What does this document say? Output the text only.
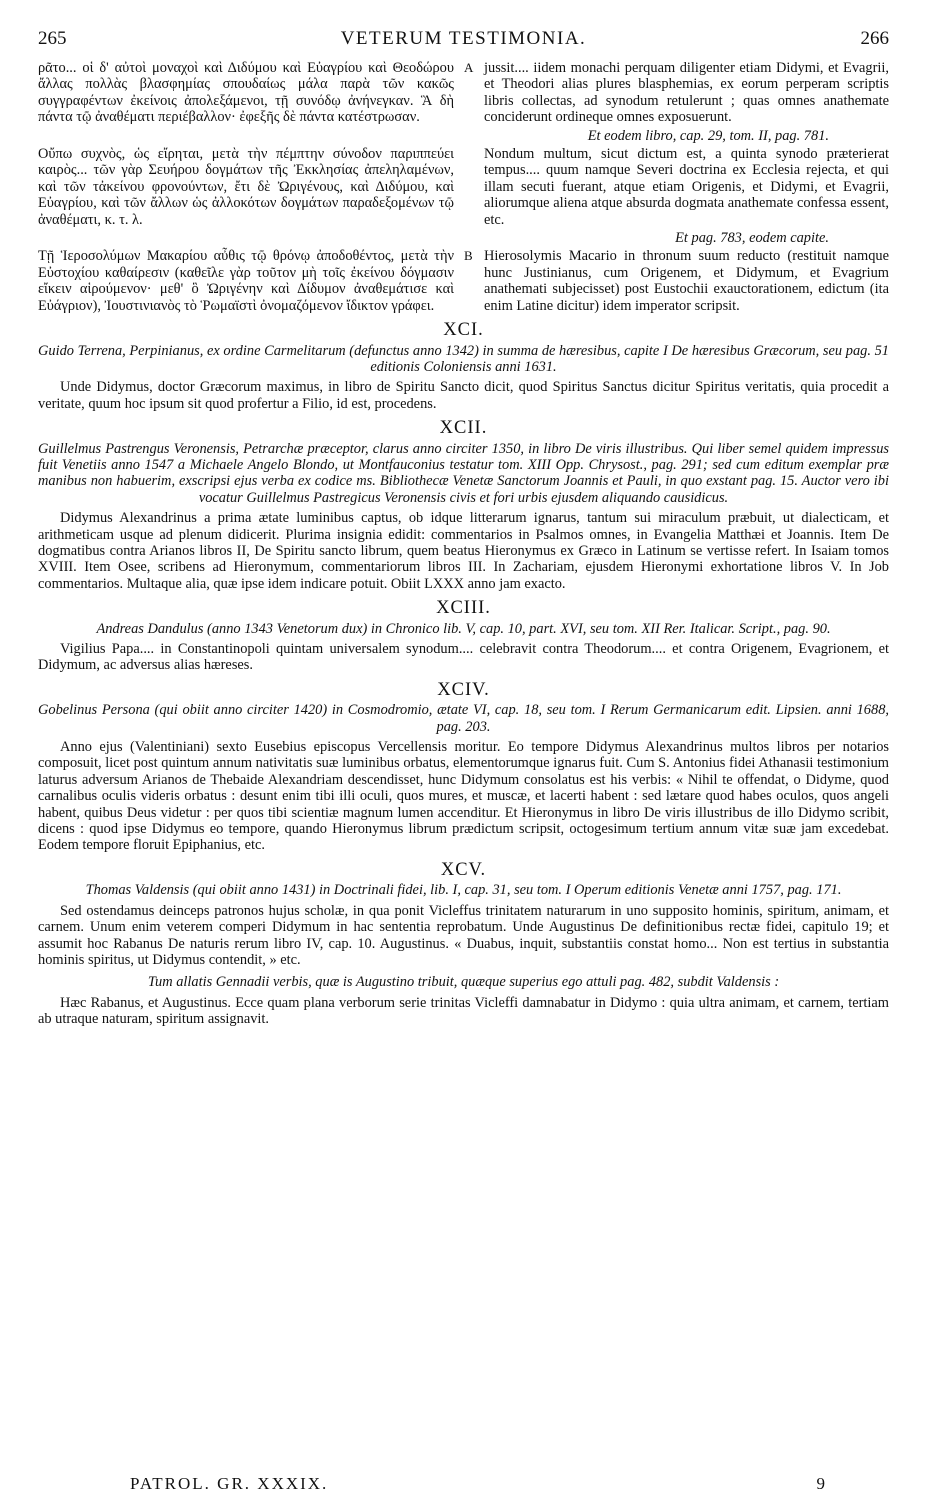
265	VETERUM TESTIMONIA.	266
ρᾶτο... οἱ δ' αὐτοὶ μοναχοὶ καὶ Διδύμου καὶ Εὐαγρίου καὶ Θεοδώρου ἄλλας πολλὰς βλασφημίας σπουδαίως μάλα παρὰ τῶν κακῶς συγγραφέντων ἐκείνοις ἀπολεξάμενοι, τῇ συνόδῳ ἀνήνεγκαν. Ἃ δὴ πάντα τῷ ἀναθέματι περιέβαλλον· ἐφεξῆς δὲ πάντα κατέστρωσαν.
A jussit.... iidem monachi perquam diligenter etiam Didymi, et Evagrii, et Theodori alias plures blasphemias, ex eorum perperam scriptis libris collectas, ad synodum retulerunt ; quas omnes anathemate conciderunt ordineque omnes exposuerunt.
Et eodem libro, cap. 29, tom. II, pag. 781.
Οὔπω συχνὸς, ὡς εἴρηται, μετὰ τὴν πέμπτην σύνοδον παριππεύει καιρὸς... τῶν γὰρ Σευήρου δογμάτων τῆς Ἐκκλησίας ἀπεληλαμένων, καὶ τῶν τἀκείνου φρονούντων, ἔτι δὲ Ὠριγένους, καὶ Διδύμου, καὶ Εὐαγρίου, καὶ τῶν ἄλλων ὡς ἀλλοκότων δογμάτων παραδεξομένων τῷ ἀναθέματι, κ. τ. λ.
Nondum multum, sicut dictum est, a quinta synodo præterierat tempus.... quum namque Severi doctrina ex Ecclesia rejecta, et qui illam secuti fuerant, atque etiam Origenis, et Didymi, et Evagrii, aliorumque aliena atque absurda dogmata anathemate confessa essent, etc.
Et pag. 783, eodem capite.
Τῇ Ἱεροσολύμων Μακαρίου αὖθις τῷ θρόνῳ ἀποδοθέντος, μετὰ τὴν Εὐστοχίου καθαίρεσιν (καθεῖλε γὰρ τοῦτον μὴ τοῖς ἐκείνου δόγμασιν εἴκειν αἱρούμενον· μεθ' ὃ Ὠριγένην καὶ Δίδυμον ἀναθεμάτισε καὶ Εὐάγριον), Ἰουστινιανὸς τὸ Ῥωμαϊστὶ ὀνομαζόμενον ἴδικτον γράφει.
B Hierosolymis Macario in thronum suum reducto (restituit namque hunc Justinianus, cum Origenem, et Didymum, et Evagrium anathemati subjecisset) post Eustochii exauctorationem, edictum (ita enim Latine dicitur) idem imperator scripsit.
XCI.

Guido Terrena, Perpinianus, ex ordine Carmelitarum (defunctus anno 1342) in summa de hæresibus, capite I De hæresibus Græcorum, seu pag. 51 editionis Coloniensis anni 1631.

Unde Didymus, doctor Græcorum maximus, in libro de Spiritu Sancto dicit, quod Spiritus Sanctus dicitur Spiritus veritatis, quia procedit a veritate, quum hoc ipsum sit quod profertur a Filio, id est, procedens.

XCII.

Guillelmus Pastrengus Veronensis, Petrarchæ præceptor, clarus anno circiter 1350, in libro De viris illustribus. Qui liber semel quidem impressus fuit Venetiis anno 1547 a Michaele Angelo Blondo, ut Montfauconius testatur tom. XIII Opp. Chrysost., pag. 291; sed cum editum exemplar præ manibus non habuerim, exscripsi ejus verba ex codice ms. Bibliothecæ Venetæ Sanctorum Joannis et Pauli, in quo exstant pag. 15. Auctor vero ibi vocatur Guillelmus Pastregicus Veronensis civis et fori urbis ejusdem aliquando causidicus.

Didymus Alexandrinus a prima ætate luminibus captus, ob idque litterarum ignarus, tantum sui miraculum præbuit, ut dialecticam, et arithmeticam usque ad plenum didicerit. Plurima insignia edidit: commentarios in Psalmos omnes, in Evangelia Matthæi et Joannis. Item De dogmatibus contra Arianos libros II, De Spiritu sancto librum, quem beatus Hieronymus ex Græco in Latinum se vertisse refert. In Isaiam tomos XVIII. Item Osee, scribens ad Hieronymum, commentariorum libros III. In Zachariam, ejusdem Hieronymi exhortatione libros V. In Job commentarios. Multaque alia, quæ ipse idem indicare potuit. Obiit LXXX anno jam exacto.

XCIII.

Andreas Dandulus (anno 1343 Venetorum dux) in Chronico lib. V, cap. 10, part. XVI, seu tom. XII Rer. Italicar. Script., pag. 90.

Vigilius Papa.... in Constantinopoli quintam universalem synodum.... celebravit contra Theodorum.... et contra Origenem, Evagrionem, et Didymum, ac adversus alias hæreses.

XCIV.

Gobelinus Persona (qui obiit anno circiter 1420) in Cosmodromio, ætate VI, cap. 18, seu tom. I Rerum Germanicarum edit. Lipsien. anni 1688, pag. 203.

Anno ejus (Valentiniani) sexto Eusebius episcopus Vercellensis moritur. Eo tempore Didymus Alexandrinus multos libros per notarios composuit, licet post quintum annum nativitatis suæ luminibus orbatus, elementorumque ignarus fuit. Cum S. Antonius fidei Athanasii testimonium laturus adversum Arianos de Thebaide Alexandriam descendisset, hunc Didymum consolatus est his verbis: « Nihil te offendat, o Didyme, quod carnalibus oculis videris orbatus : desunt enim tibi illi oculi, quos mures, et muscæ, et lacerti habent : sed lætare quod habes oculos, quos angeli habent, quibus Deus videtur : per quos tibi scientiæ magnum lumen accenditur. Et Hieronymus in libro De viris illustribus de illo Didymo scribit, dicens : quod ipse Didymus eo tempore, quando Hieronymus librum prædictum scripsit, octogesimum tertium annum vitæ suæ jam excedebat. Eodem tempore floruit Epiphanius, etc.

XCV.

Thomas Valdensis (qui obiit anno 1431) in Doctrinali fidei, lib. I, cap. 31, seu tom. I Operum editionis Venetæ anni 1757, pag. 171.

Sed ostendamus deinceps patronos hujus scholæ, in qua ponit Vicleffus trinitatem naturarum in uno supposito hominis, spiritum, animam, et carnem. Unum enim veterem comperi Didymum in hac sententia reprobatum. Unde Augustinus De definitionibus rectæ fidei, capitulo 19; et assumit hoc Rabanus De naturis rerum libro IV, cap. 10. Augustinus. « Duabus, inquit, substantiis constat homo... Non est tertius in substantia hominis spiritus, ut Didymus contendit, » etc.

Tum allatis Gennadii verbis, quæ is Augustino tribuit, quæque superius ego attuli pag. 482, subdit Valdensis :

Hæc Rabanus, et Augustinus. Ecce quam plana verborum serie trinitas Vicleffi damnabatur in Didymo : quia ultra animam, et carnem, tertiam ab utraque naturam, spiritum assignavit.

PATROL. GR. XXXIX.	9
